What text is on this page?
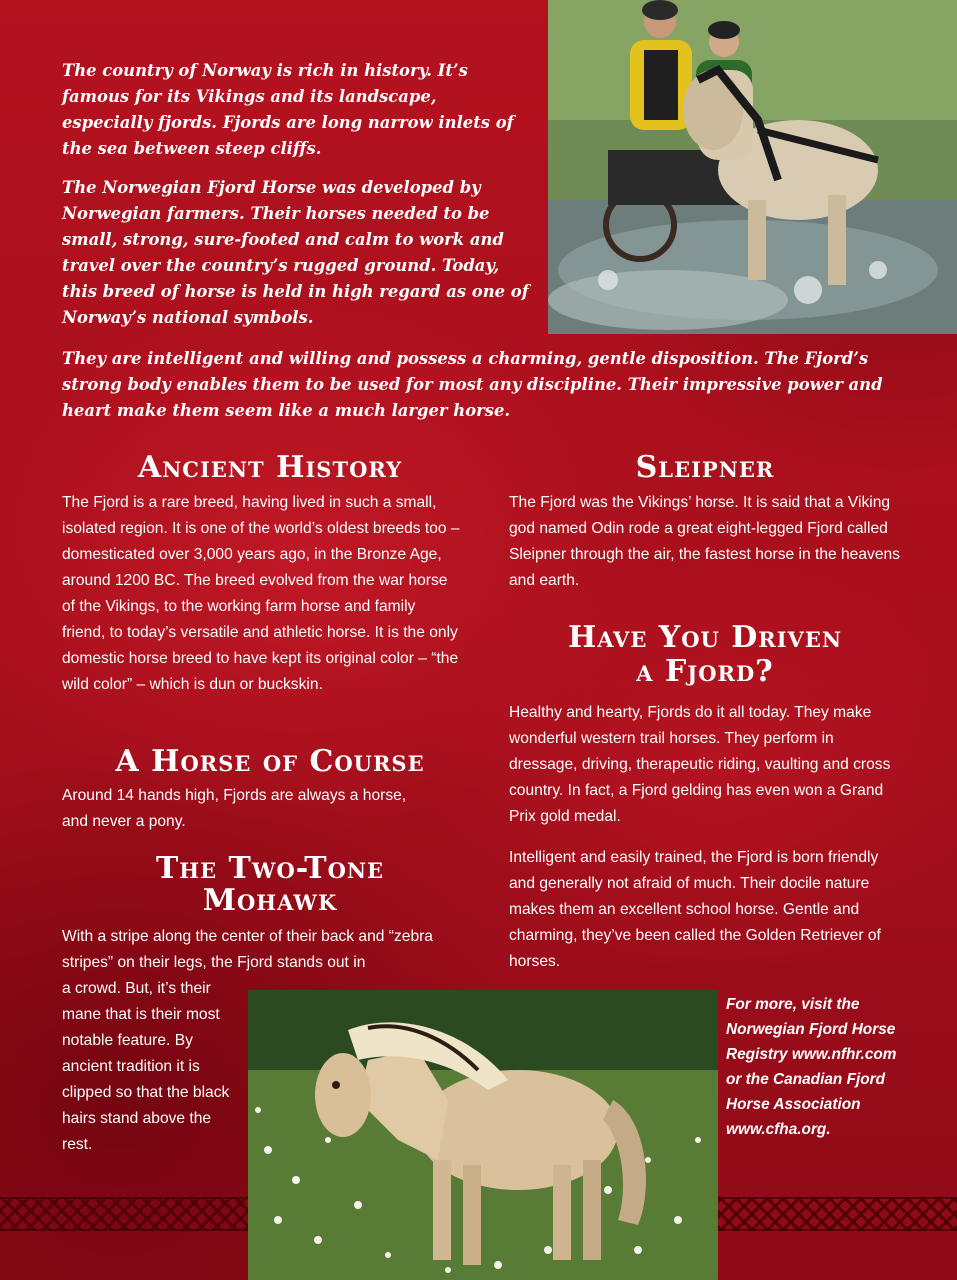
The country of Norway is rich in history. It’s famous for its Vikings and its landscape, especially fjords. Fjords are long narrow inlets of the sea between steep cliffs.

The Norwegian Fjord Horse was developed by Norwegian farmers. Their horses needed to be small, strong, sure-footed and calm to work and travel over the country’s rugged ground. Today, this breed of horse is held in high regard as one of Norway’s national symbols.

They are intelligent and willing and possess a charming, gentle disposition. The Fjord’s strong body enables them to be used for most any discipline. Their impressive power and heart make them seem like a much larger horse.

Ancient History
The Fjord is a rare breed, having lived in such a small, isolated region. It is one of the world’s oldest breeds too – domesticated over 3,000 years ago, in the Bronze Age, around 1200 BC. The breed evolved from the war horse of the Vikings, to the working farm horse and family friend, to today’s versatile and athletic horse. It is the only domestic horse breed to have kept its original color – “the wild color” – which is dun or buckskin.
A Horse of Course
Around 14 hands high, Fjords are always a horse, and never a pony.
The Two-Tone
Mohawk
With a stripe along the center of their back and “zebra stripes” on their legs, the Fjord stands out in
a crowd. But, it’s their mane that is their most notable feature. By ancient tradition it is clipped so that the black hairs stand above the rest.
Sleipner
The Fjord was the Vikings’ horse. It is said that a Viking god named Odin rode a great eight-legged Fjord called Sleipner through the air, the fastest horse in the heavens and earth.
Have You Driven
a Fjord?
Healthy and hearty, Fjords do it all today. They make wonderful western trail horses. They perform in dressage, driving, therapeutic riding, vaulting and cross country. In fact, a Fjord gelding has even won a Grand Prix gold medal.
Intelligent and easily trained, the Fjord is born friendly and generally not afraid of much. Their docile nature makes them an excellent school horse. Gentle and charming, they’ve been called the Golden Retriever of horses.
For more, visit the Norwegian Fjord Horse Registry www.nfhr.com or the Canadian Fjord Horse Association www.cfha.org.
